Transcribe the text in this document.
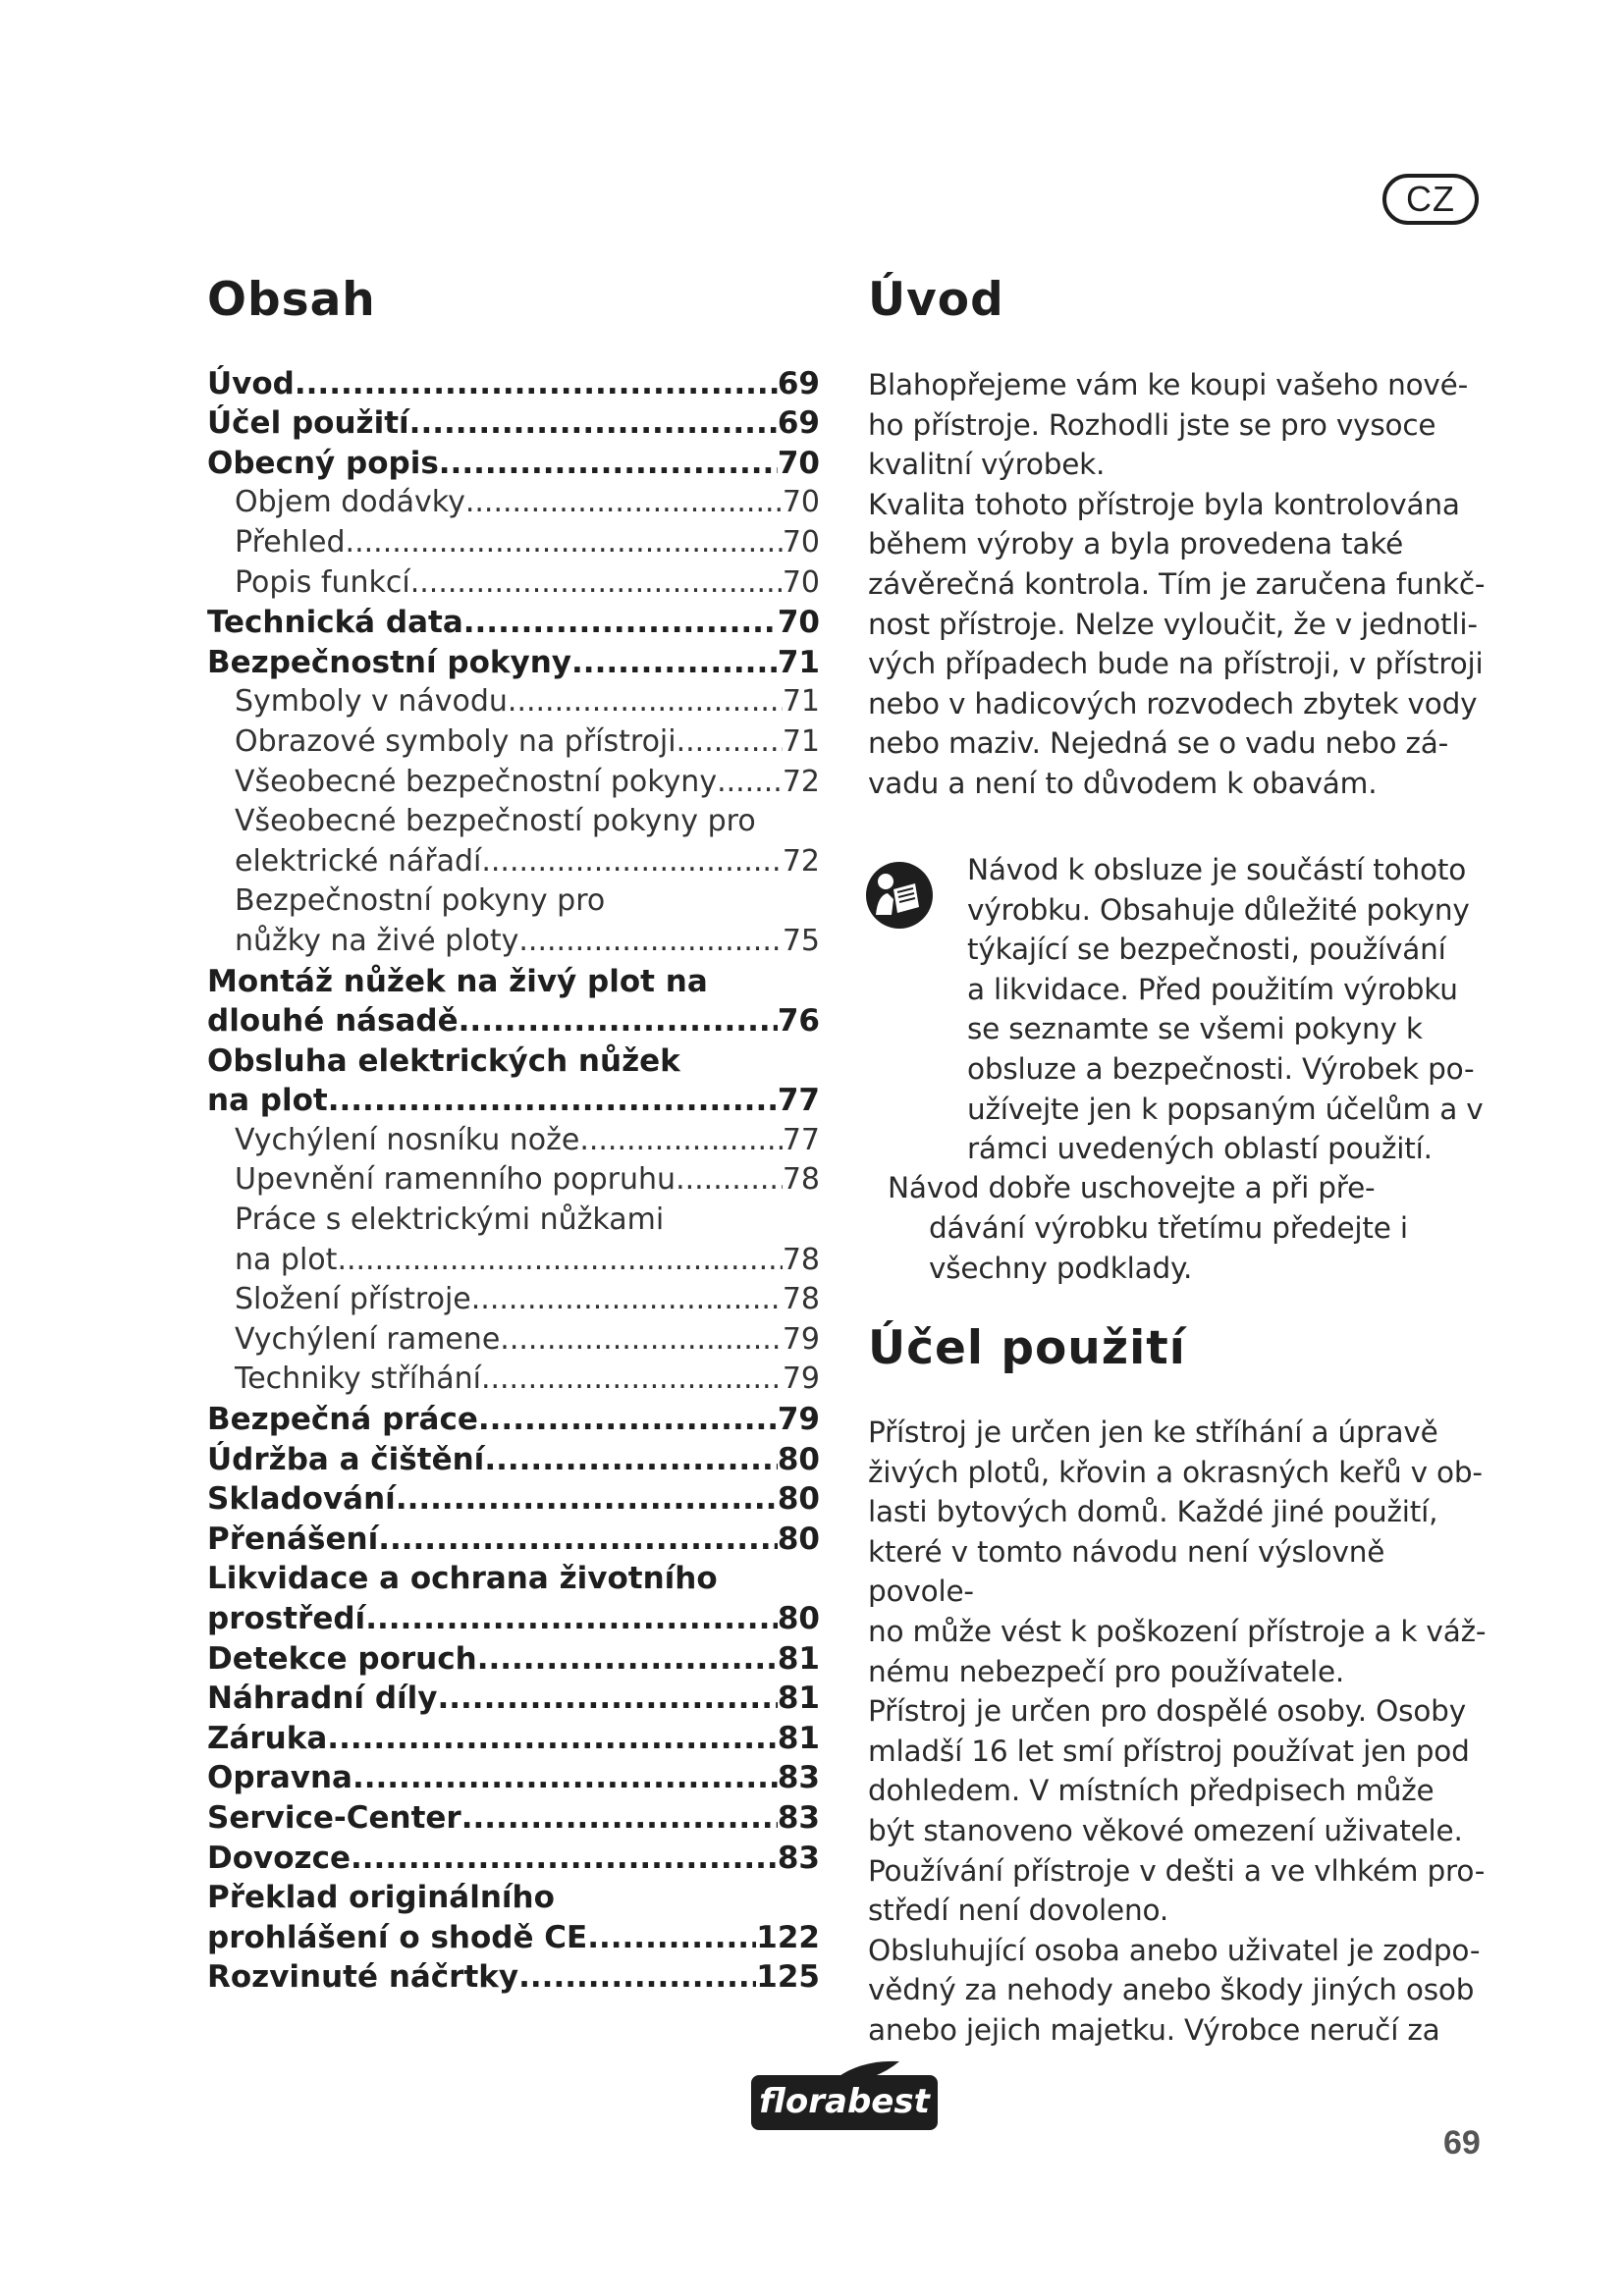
CZ
Obsah
Úvod .....	69
Účel použití .....	69
Obecný popis .....	70
Objem dodávky .....	70
Přehled .....	70
Popis funkcí .....	70
Technická data .....	70
Bezpečnostní pokyny .....	71
Symboly v návodu .....	71
Obrazové symboly na přístroji .....	71
Všeobecné bezpečnostní pokyny ..... 72
Všeobecné bezpečností pokyny pro
elektrické nářadí .....	72
Bezpečnostní pokyny pro
nůžky na živé ploty .....	75
Montáž nůžek na živý plot na
dlouhé násadě .....	76
Obsluha elektrických nůžek
na plot .....	77
Vychýlení nosníku nože .....	77
Upevnění ramenního popruhu .....	78
Práce s elektrickými nůžkami
na plot .....	78
Složení přístroje .....	78
Vychýlení ramene .....	79
Techniky stříhání .....	79
Bezpečná práce .....	79
Údržba a čištění .....	80
Skladování .....	80
Přenášení .....	80
Likvidace a ochrana životního
prostředí .....	80
Detekce poruch .....	81
Náhradní díly .....	81
Záruka .....	81
Opravna .....	83
Service-Center .....	83
Dovozce .....	83
Překlad originálního
prohlášení o shodě CE .....	122
Rozvinuté náčrtky .....	125
Úvod

Blahopřejeme vám ke koupi vašeho nové-
ho přístroje. Rozhodli jste se pro vysoce
kvalitní výrobek.
Kvalita tohoto přístroje byla kontrolována
během výroby a byla provedena také
závěrečná kontrola. Tím je zaručena funkč-
nost přístroje. Nelze vyloučit, že v jednotli-
vých případech bude na přístroji, v přístroji
nebo v hadicových rozvodech zbytek vody
nebo maziv. Nejedná se o vadu nebo zá-
vadu a není to důvodem k obavám.

Návod k obsluze je součástí tohoto
výrobku. Obsahuje důležité pokyny
týkající se bezpečnosti, používání
a likvidace. Před použitím výrobku
se seznamte se všemi pokyny k
obsluze a bezpečnosti. Výrobek po-
užívejte jen k popsaným účelům a v
rámci uvedených oblastí použití.

Návod dobře uschovejte a při pře-

dávání výrobku třetímu předejte i
všechny podklady.

Účel použití

Přístroj je určen jen ke stříhání a úpravě
živých plotů, křovin a okrasných keřů v ob-
lasti bytových domů. Každé jiné použití,
které v tomto návodu není výslovně povole-
no může vést k poškození přístroje a k váž-
nému nebezpečí pro používatele.
Přístroj je určen pro dospělé osoby. Osoby
mladší 16 let smí přístroj používat jen pod
dohledem. V místních předpisech může
být stanoveno věkové omezení uživatele.
Používání přístroje v dešti a ve vlhkém pro-
středí není dovoleno.
Obsluhující osoba anebo uživatel je zodpo-
vědný za nehody anebo škody jiných osob
anebo jejich majetku. Výrobce neručí za

florabest
69
